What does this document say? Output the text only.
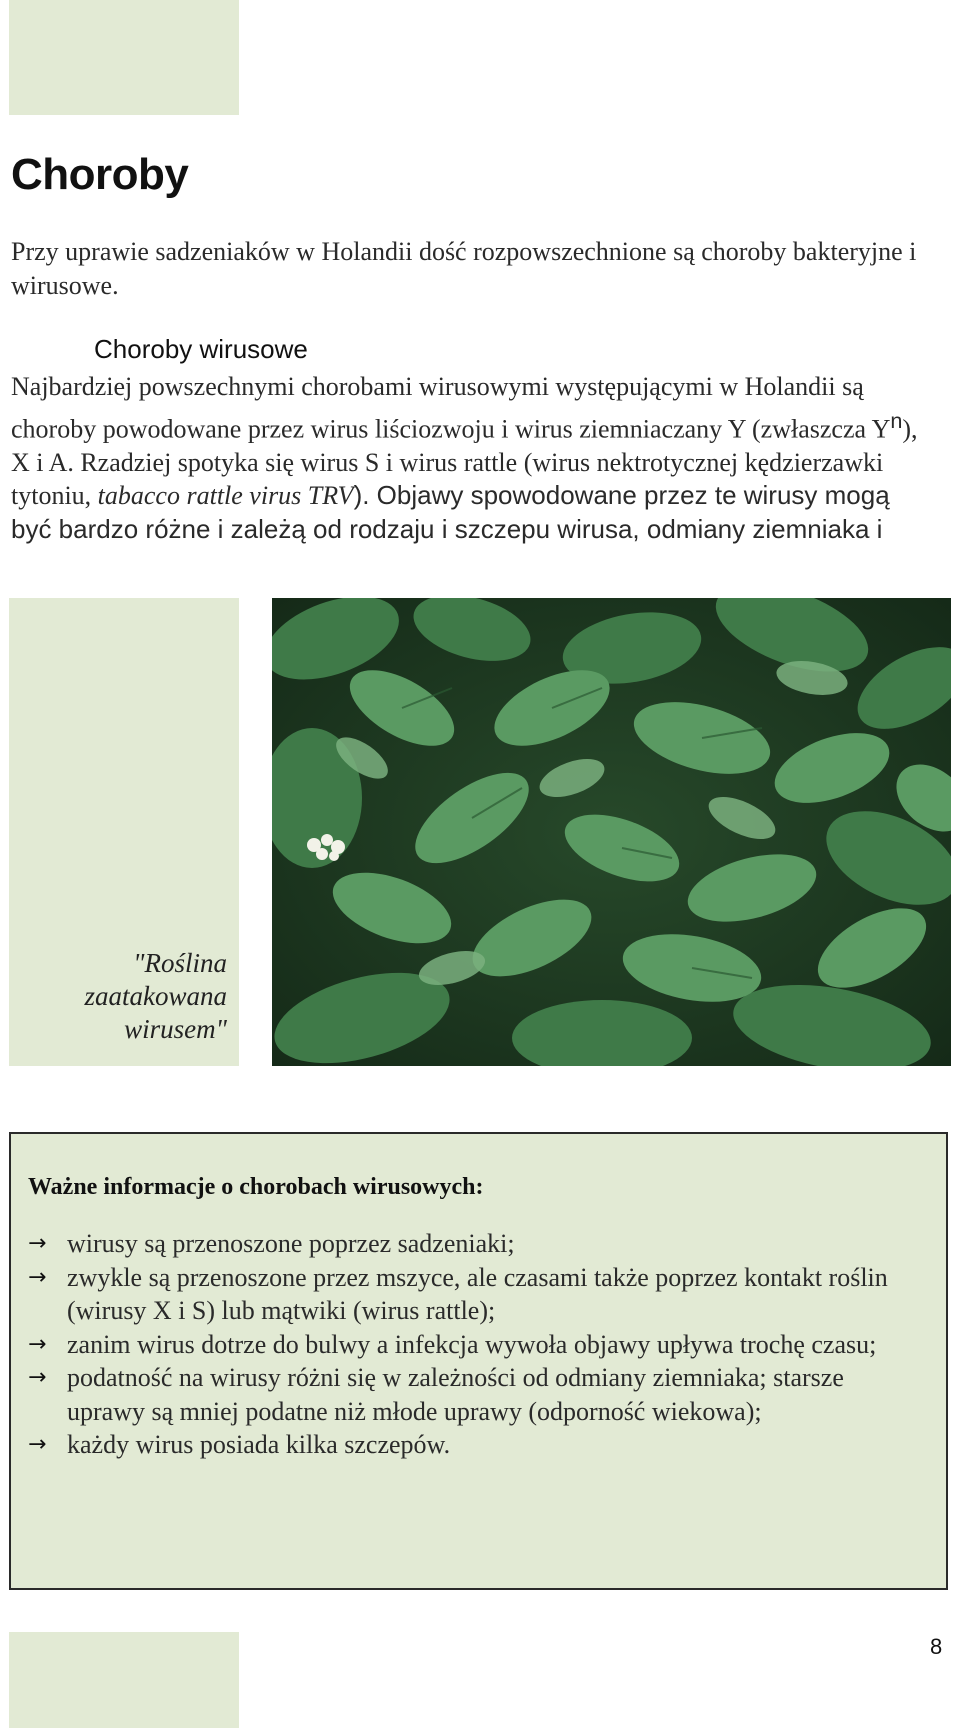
Choroby

Przy uprawie sadzeniaków w Holandii dość rozpowszechnione są choroby bakteryjne i wirusowe.

Choroby wirusowe

Najbardziej powszechnymi chorobami wirusowymi występującymi w Holandii są choroby powodowane przez wirus liściozwoju i wirus ziemniaczany Y (zwłaszcza $Y^n$), X i A. Rzadziej spotyka się wirus S i wirus rattle (wirus nektrotycznej kędzierzawki tytoniu, tabacco rattle virus TRV). Objawy spowodowane przez te wirusy mogą być bardzo różne i zależą od rodzaju i szczepu wirusa, odmiany ziemniaka i

"Roślina zaatakowana wirusem"

Ważne informacje o chorobach wirusowych:
→ wirusy są przenoszone poprzez sadzeniaki;
→ zwykle są przenoszone przez mszyce, ale czasami także poprzez kontakt roślin (wirusy X i S) lub mątwiki (wirus rattle);
→ zanim wirus dotrze do bulwy a infekcja wywoła objawy upływa trochę czasu;
→ podatność na wirusy różni się w zależności od odmiany ziemniaka; starsze uprawy są mniej podatne niż młode uprawy (odporność wiekowa);
→ każdy wirus posiada kilka szczepów.

8
